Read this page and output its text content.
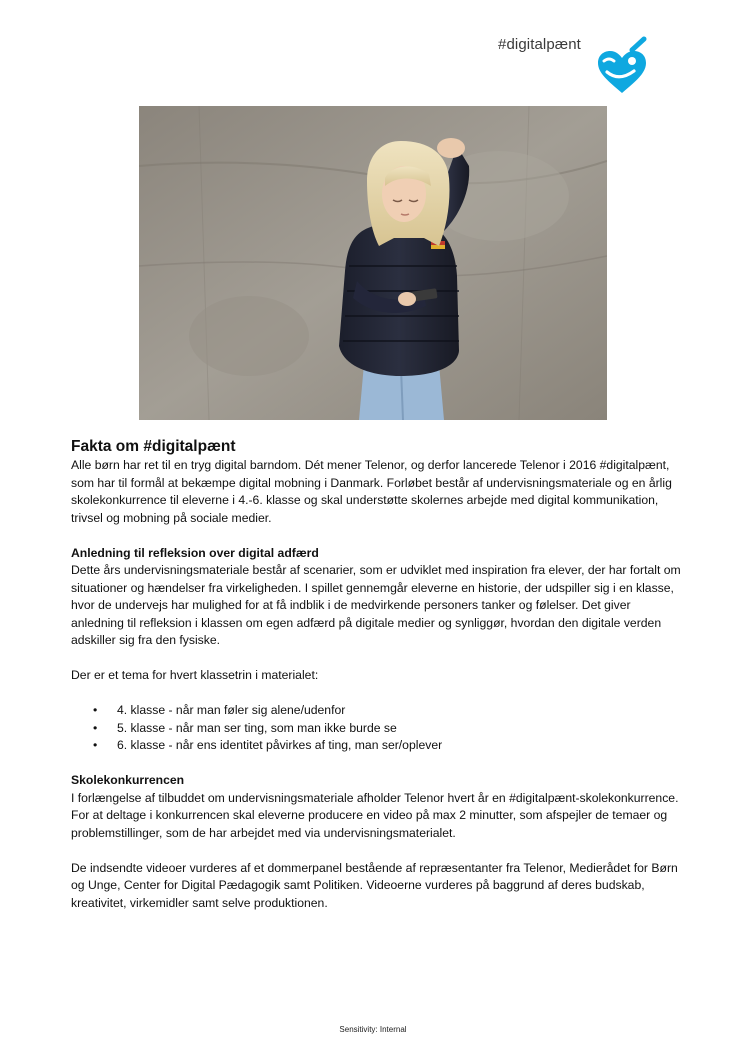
#digitalpænt

Fakta om #digitalpænt

Alle børn har ret til en tryg digital barndom. Dét mener Telenor, og derfor lancerede Telenor i 2016 #digitalpænt, som har til formål at bekæmpe digital mobning i Danmark. Forløbet består af undervisningsmateriale og en årlig skolekonkurrence til eleverne i 4.-6. klasse og skal understøtte skolernes arbejde med digital kommunikation, trivsel og mobning på sociale medier.

Anledning til refleksion over digital adfærd

Dette års undervisningsmateriale består af scenarier, som er udviklet med inspiration fra elever, der har fortalt om situationer og hændelser fra virkeligheden. I spillet gennemgår eleverne en historie, der udspiller sig i en klasse, hvor de undervejs har mulighed for at få indblik i de medvirkende personers tanker og følelser. Det giver anledning til refleksion i klassen om egen adfærd på digitale medier og synliggør, hvordan den digitale verden adskiller sig fra den fysiske.

Der er et tema for hvert klassetrin i materialet:

• 4. klasse - når man føler sig alene/udenfor
• 5. klasse - når man ser ting, som man ikke burde se
• 6. klasse - når ens identitet påvirkes af ting, man ser/oplever

Skolekonkurrencen

I forlængelse af tilbuddet om undervisningsmateriale afholder Telenor hvert år en #digitalpænt-skolekonkurrence. For at deltage i konkurrencen skal eleverne producere en video på max 2 minutter, som afspejler de temaer og problemstillinger, som de har arbejdet med via undervisningsmaterialet.

De indsendte videoer vurderes af et dommerpanel bestående af repræsentanter fra Telenor, Medierådet for Børn og Unge, Center for Digital Pædagogik samt Politiken. Videoerne vurderes på baggrund af deres budskab, kreativitet, virkemidler samt selve produktionen.

Sensitivity: Internal
